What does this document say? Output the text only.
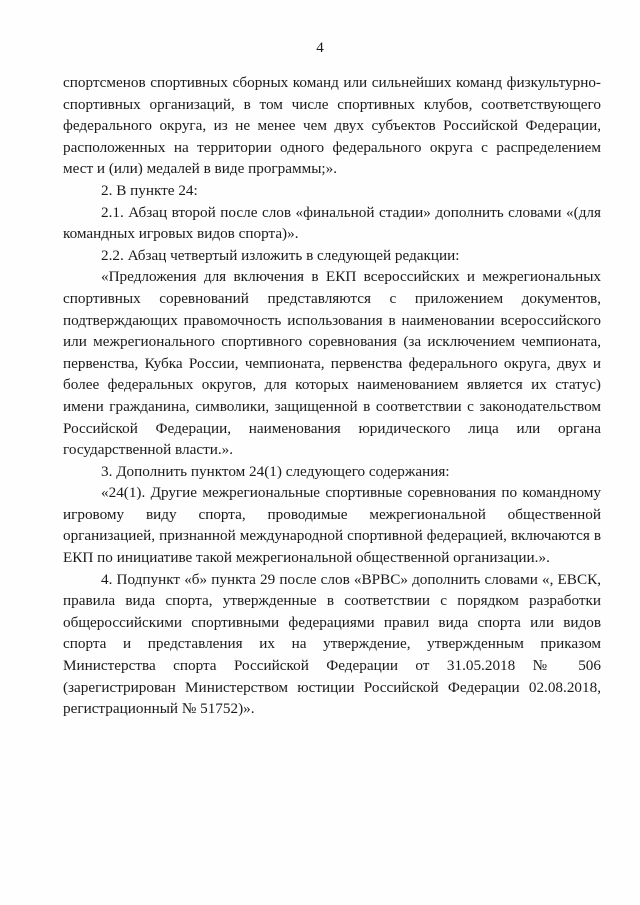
4

спортсменов спортивных сборных команд или сильнейших команд физкультурно-спортивных организаций, в том числе спортивных клубов, соответствующего федерального округа, из не менее чем двух субъектов Российской Федерации, расположенных на территории одного федерального округа с распределением мест и (или) медалей в виде программы;».

2. В пункте 24:

2.1. Абзац второй после слов «финальной стадии» дополнить словами «(для командных игровых видов спорта)».

2.2. Абзац четвертый изложить в следующей редакции:

«Предложения для включения в ЕКП всероссийских и межрегиональных спортивных соревнований представляются с приложением документов, подтверждающих правомочность использования в наименовании всероссийского или межрегионального спортивного соревнования (за исключением чемпионата, первенства, Кубка России, чемпионата, первенства федерального округа, двух и более федеральных округов, для которых наименованием является их статус) имени гражданина, символики, защищенной в соответствии с законодательством Российской Федерации, наименования юридического лица или органа государственной власти.».

3. Дополнить пунктом 24(1) следующего содержания:

«24(1). Другие межрегиональные спортивные соревнования по командному игровому виду спорта, проводимые межрегиональной общественной организацией, признанной международной спортивной федерацией, включаются в ЕКП по инициативе такой межрегиональной общественной организации.».

4. Подпункт «б» пункта 29 после слов «ВРВС» дополнить словами «, ЕВСК, правила вида спорта, утвержденные в соответствии с порядком разработки общероссийскими спортивными федерациями правил вида спорта или видов спорта и представления их на утверждение, утвержденным приказом Министерства спорта Российской Федерации от 31.05.2018 № 506 (зарегистрирован Министерством юстиции Российской Федерации 02.08.2018, регистрационный № 51752)».
